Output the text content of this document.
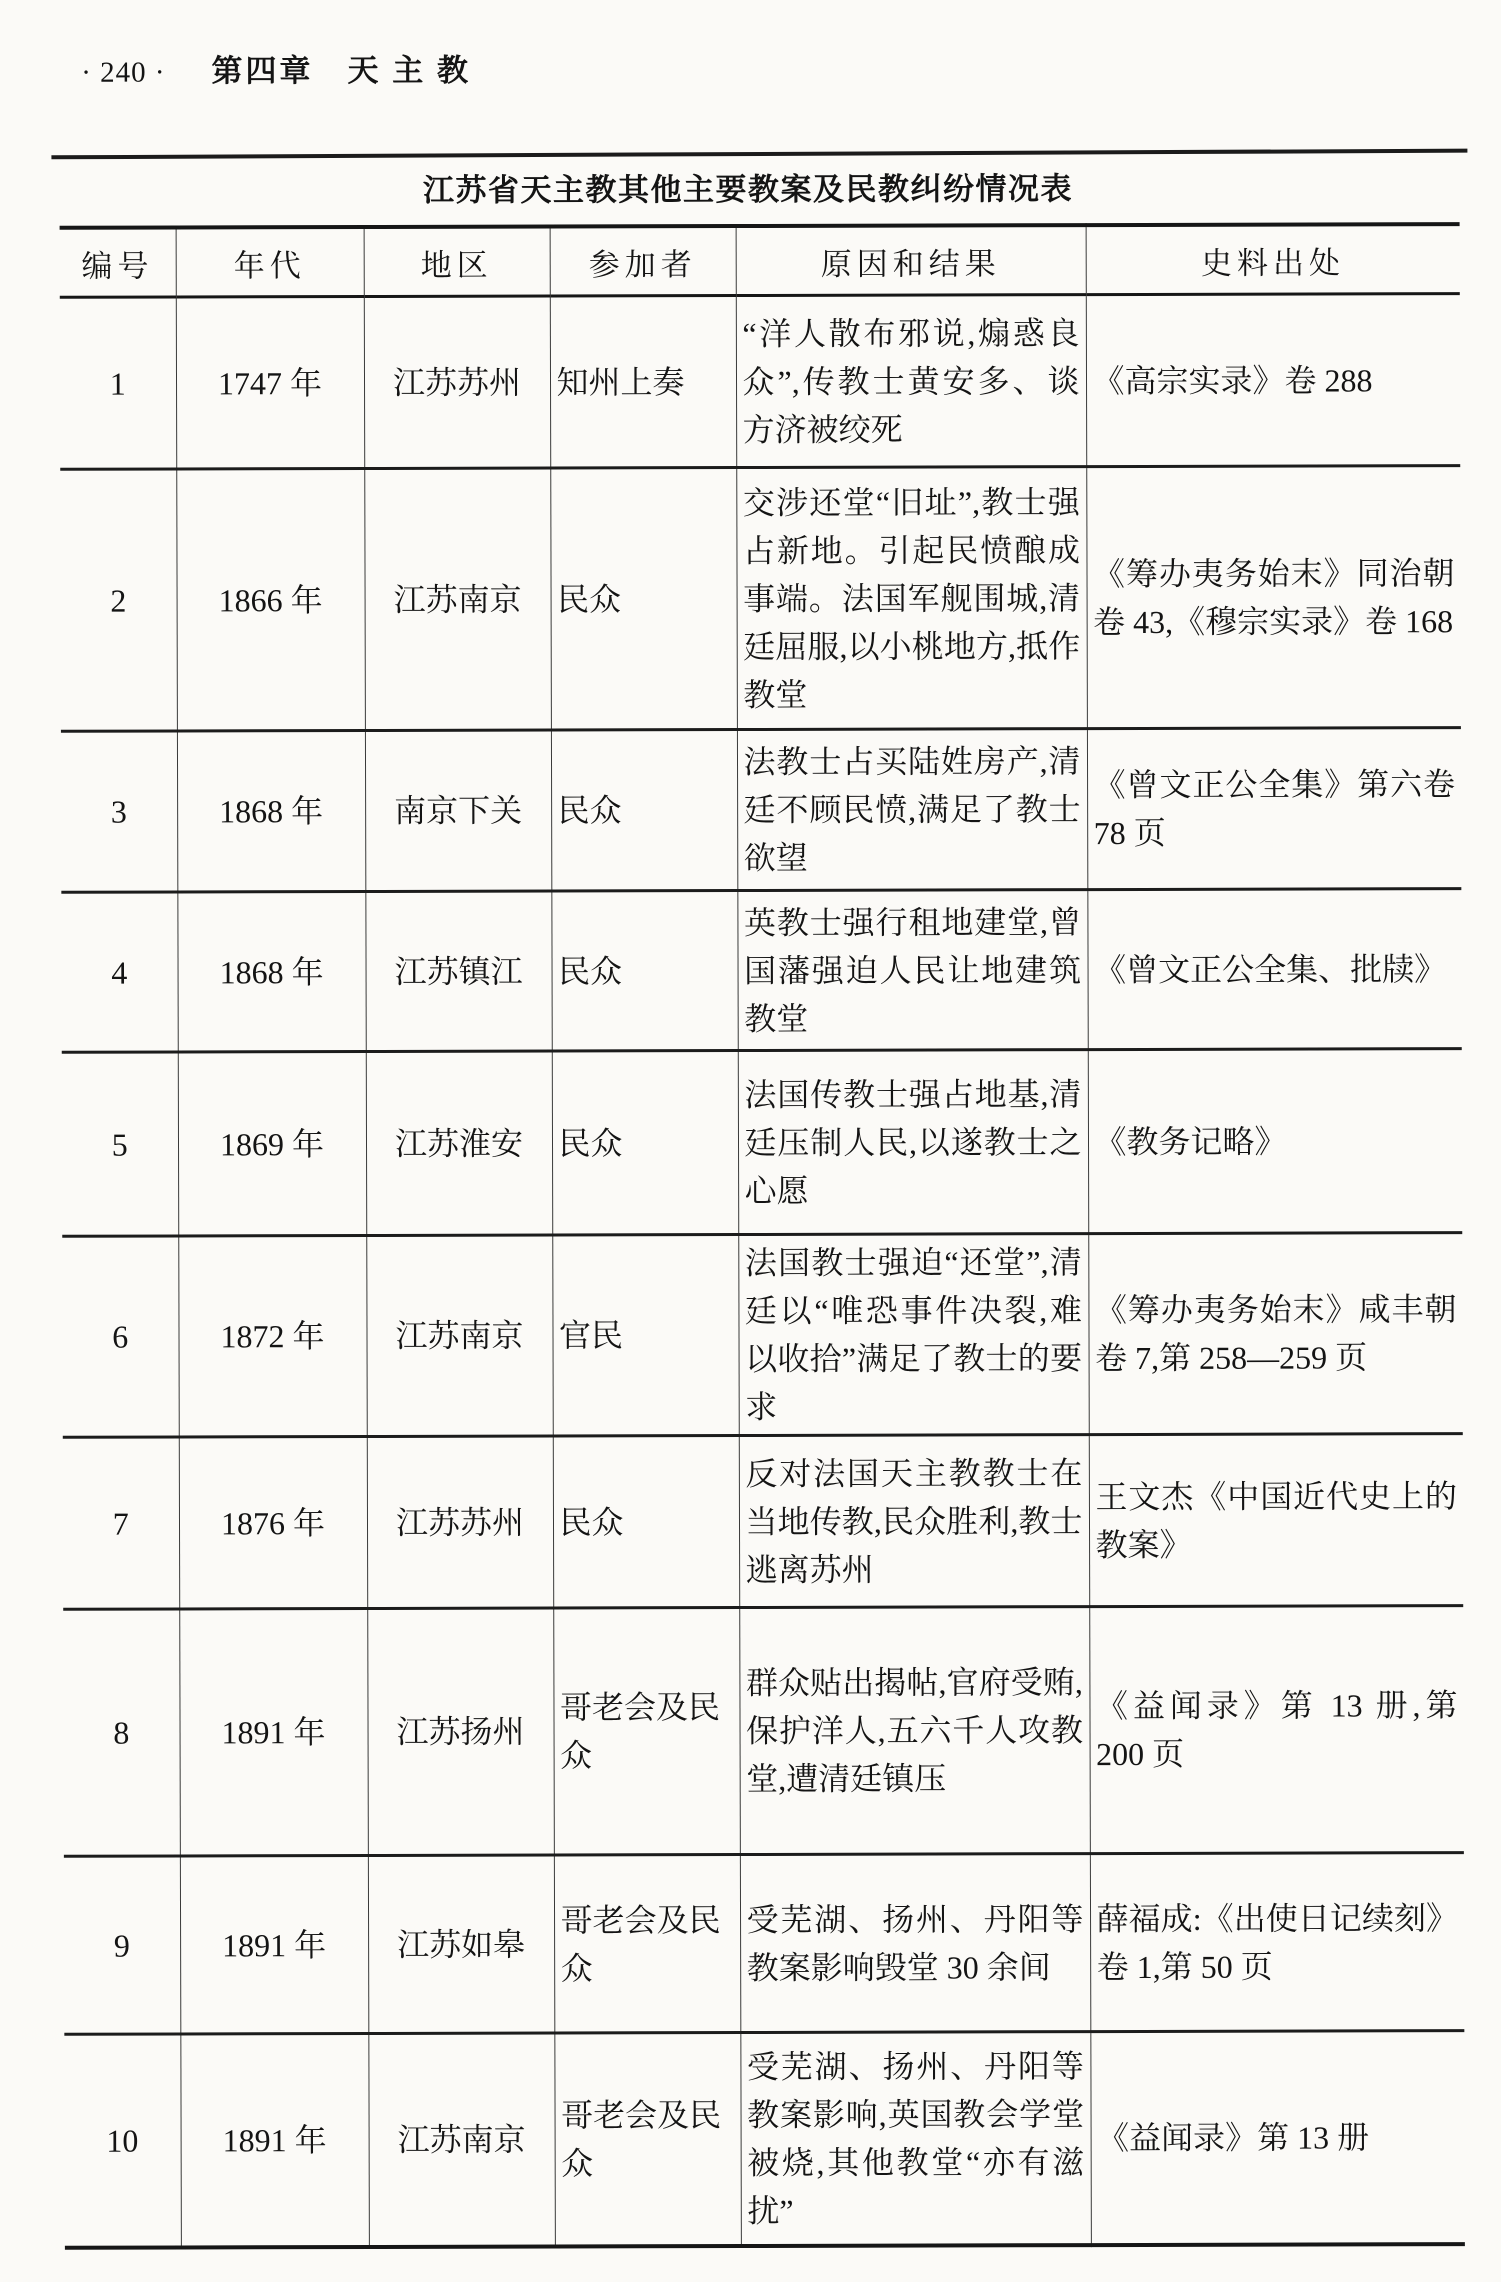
· 240 · 第四章　天 主 教
江苏省天主教其他主要教案及民教纠纷情况表
编号	年代	地区	参加者	原因和结果	史料出处
1	1747 年	江苏苏州	知州上奏	“洋人散布邪说,煽惑良众”,传教士黄安多、谈方济被绞死	《高宗实录》卷 288
2	1866 年	江苏南京	民众	交涉还堂“旧址”,教士强占新地。引起民愤酿成事端。法国军舰围城,清廷屈服,以小桃地方,抵作教堂	《筹办夷务始末》同治朝卷 43,《穆宗实录》卷 168
3	1868 年	南京下关	民众	法教士占买陆姓房产,清廷不顾民愤,满足了教士欲望	《曾文正公全集》第六卷 78 页
4	1868 年	江苏镇江	民众	英教士强行租地建堂,曾国藩强迫人民让地建筑教堂	《曾文正公全集、批牍》
5	1869 年	江苏淮安	民众	法国传教士强占地基,清廷压制人民,以遂教士之心愿	《教务记略》
6	1872 年	江苏南京	官民	法国教士强迫“还堂”,清廷以“唯恐事件决裂,难以收拾”满足了教士的要求	《筹办夷务始末》咸丰朝卷 7,第 258—259 页
7	1876 年	江苏苏州	民众	反对法国天主教教士在当地传教,民众胜利,教士逃离苏州	王文杰《中国近代史上的教案》
8	1891 年	江苏扬州	哥老会及民众	群众贴出揭帖,官府受贿,保护洋人,五六千人攻教堂,遭清廷镇压	《益闻录》第 13 册,第 200 页
9	1891 年	江苏如皋	哥老会及民众	受芜湖、扬州、丹阳等教案影响毁堂 30 余间	薛福成:《出使日记续刻》卷 1,第 50 页
10	1891 年	江苏南京	哥老会及民众	受芜湖、扬州、丹阳等教案影响,英国教会学堂被烧,其他教堂“亦有滋扰”	《益闻录》第 13 册
